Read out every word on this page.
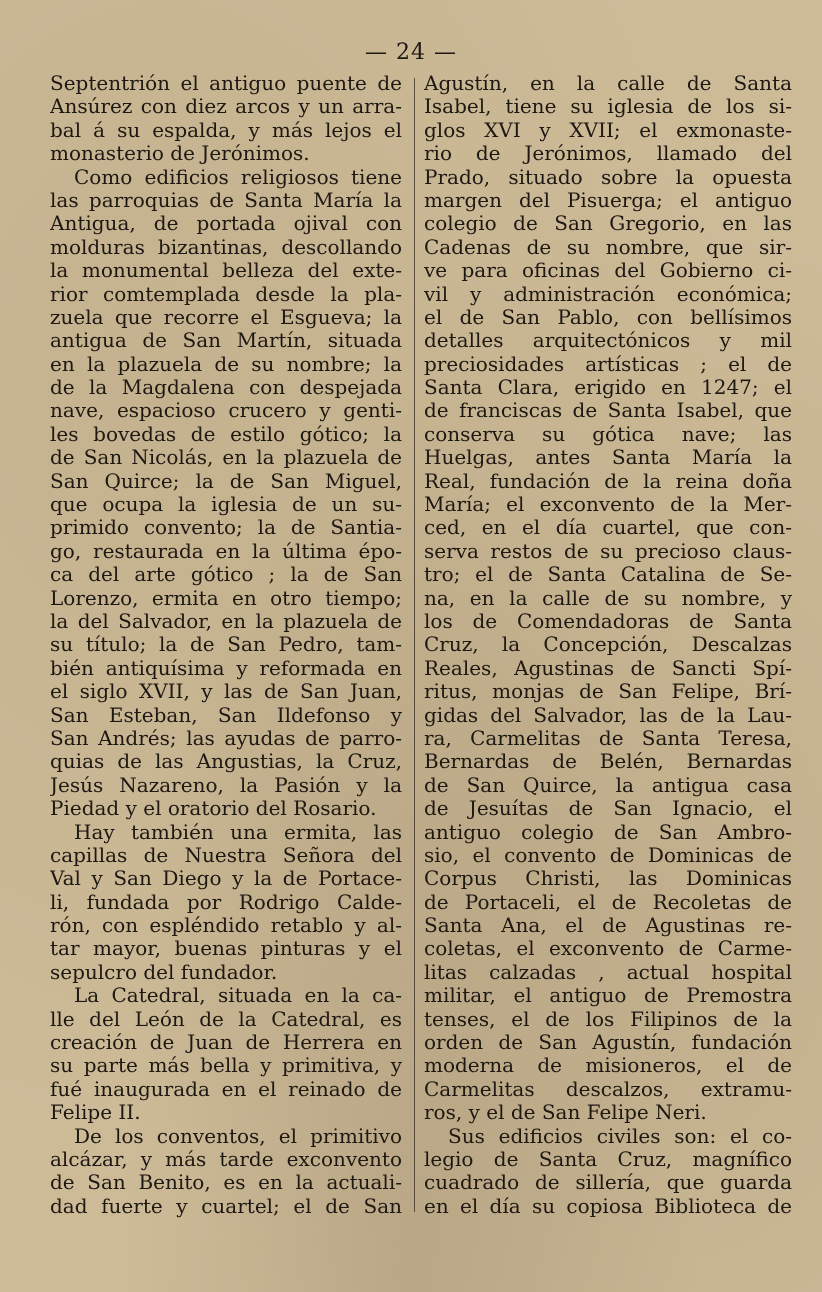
— 24 —
Septentrión el antiguo puente de
Ansúrez con diez arcos y un arra-
bal á su espalda, y más lejos el
monasterio de Jerónimos.
Como edificios religiosos tiene
las parroquias de Santa María la
Antigua, de portada ojival con
molduras bizantinas, descollando
la monumental belleza del exte-
rior comtemplada desde la pla-
zuela que recorre el Esgueva; la
antigua de San Martín, situada
en la plazuela de su nombre; la
de la Magdalena con despejada
nave, espacioso crucero y genti-
les bovedas de estilo gótico; la
de San Nicolás, en la plazuela de
San Quirce; la de San Miguel,
que ocupa la iglesia de un su-
primido convento; la de Santia-
go, restaurada en la última épo-
ca del arte gótico ; la de San
Lorenzo, ermita en otro tiempo;
la del Salvador, en la plazuela de
su título; la de San Pedro, tam-
bién antiquísima y reformada en
el siglo XVII, y las de San Juan,
San Esteban, San Ildefonso y
San Andrés; las ayudas de parro-
quias de las Angustias, la Cruz,
Jesús Nazareno, la Pasión y la
Piedad y el oratorio del Rosario.
Hay también una ermita, las
capillas de Nuestra Señora del
Val y San Diego y la de Portace-
li, fundada por Rodrigo Calde-
rón, con espléndido retablo y al-
tar mayor, buenas pinturas y el
sepulcro del fundador.
La Catedral, situada en la ca-
lle del León de la Catedral, es
creación de Juan de Herrera en
su parte más bella y primitiva, y
fué inaugurada en el reinado de
Felipe II.
De los conventos, el primitivo
alcázar, y más tarde exconvento
de San Benito, es en la actuali-
dad fuerte y cuartel; el de San
Agustín, en la calle de Santa
Isabel, tiene su iglesia de los si-
glos XVI y XVII; el exmonaste-
rio de Jerónimos, llamado del
Prado, situado sobre la opuesta
margen del Pisuerga; el antiguo
colegio de San Gregorio, en las
Cadenas de su nombre, que sir-
ve para oficinas del Gobierno ci-
vil y administración económica;
el de San Pablo, con bellísimos
detalles arquitectónicos y mil
preciosidades artísticas ; el de
Santa Clara, erigido en 1247; el
de franciscas de Santa Isabel, que
conserva su gótica nave; las
Huelgas, antes Santa María la
Real, fundación de la reina doña
María; el exconvento de la Mer-
ced, en el día cuartel, que con-
serva restos de su precioso claus-
tro; el de Santa Catalina de Se-
na, en la calle de su nombre, y
los de Comendadoras de Santa
Cruz, la Concepción, Descalzas
Reales, Agustinas de Sancti Spí-
ritus, monjas de San Felipe, Brí-
gidas del Salvador, las de la Lau-
ra, Carmelitas de Santa Teresa,
Bernardas de Belén, Bernardas
de San Quirce, la antigua casa
de Jesuítas de San Ignacio, el
antiguo colegio de San Ambro-
sio, el convento de Dominicas de
Corpus Christi, las Dominicas
de Portaceli, el de Recoletas de
Santa Ana, el de Agustinas re-
coletas, el exconvento de Carme-
litas calzadas , actual hospital
militar, el antiguo de Premostra
tenses, el de los Filipinos de la
orden de San Agustín, fundación
moderna de misioneros, el de
Carmelitas descalzos, extramu-
ros, y el de San Felipe Neri.
Sus edificios civiles son: el co-
legio de Santa Cruz, magnífico
cuadrado de sillería, que guarda
en el día su copiosa Biblioteca de
